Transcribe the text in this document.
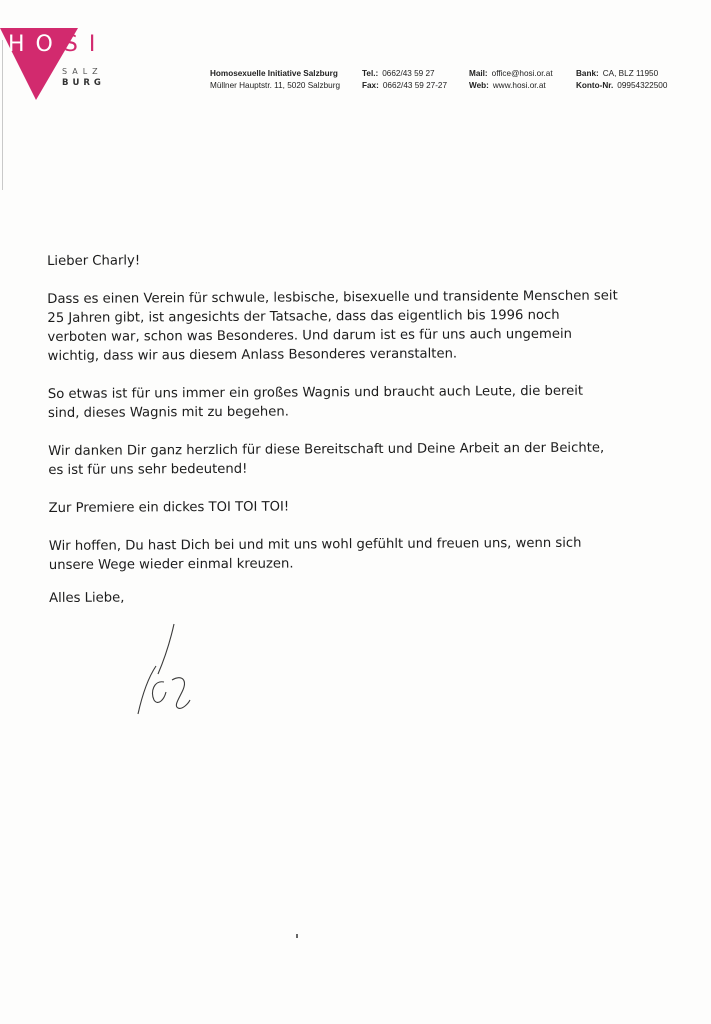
H O S I
SALZ
BURG
Homosexuelle Initiative Salzburg
Müllner Hauptstr. 11, 5020 Salzburg
Tel.: 0662/43 59 27
Fax: 0662/43 59 27-27
Mail: office@hosi.or.at
Web: www.hosi.or.at
Bank: CA, BLZ 11950
Konto-Nr. 09954322500

Lieber Charly!

Dass es einen Verein für schwule, lesbische, bisexuelle und transidente Menschen seit
25 Jahren gibt, ist angesichts der Tatsache, dass das eigentlich bis 1996 noch
verboten war, schon was Besonderes. Und darum ist es für uns auch ungemein
wichtig, dass wir aus diesem Anlass Besonderes veranstalten.

So etwas ist für uns immer ein großes Wagnis und braucht auch Leute, die bereit
sind, dieses Wagnis mit zu begehen.

Wir danken Dir ganz herzlich für diese Bereitschaft und Deine Arbeit an der Beichte,
es ist für uns sehr bedeutend!

Zur Premiere ein dickes TOI TOI TOI!

Wir hoffen, Du hast Dich bei und mit uns wohl gefühlt und freuen uns, wenn sich
unsere Wege wieder einmal kreuzen.

Alles Liebe,
